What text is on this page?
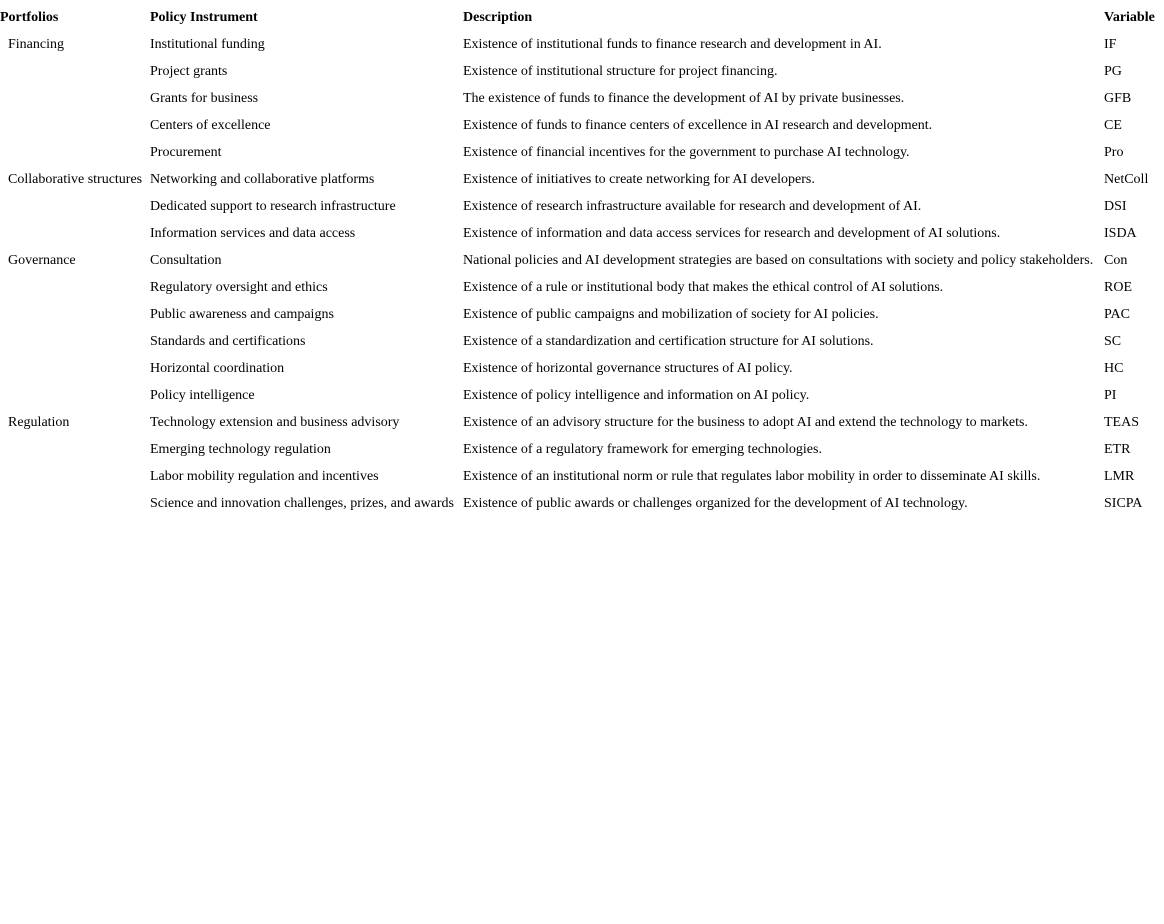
Portfolios	Policy Instrument	Description	Variable
Financing	Institutional funding	Existence of institutional funds to finance research and development in AI.	IF
	Project grants	Existence of institutional structure for project financing.	PG
	Grants for business	The existence of funds to finance the development of AI by private businesses.	GFB
	Centers of excellence	Existence of funds to finance centers of excellence in AI research and development.	CE
	Procurement	Existence of financial incentives for the government to purchase AI technology.	Pro
Collaborative structures	Networking and collaborative platforms	Existence of initiatives to create networking for AI developers.	NetColl
	Dedicated support to research infrastructure	Existence of research infrastructure available for research and development of AI.	DSI
	Information services and data access	Existence of information and data access services for research and development of AI solutions.	ISDA
Governance	Consultation	National policies and AI development strategies are based on consultations with society and policy stakeholders.	Con
	Regulatory oversight and ethics	Existence of a rule or institutional body that makes the ethical control of AI solutions.	ROE
	Public awareness and campaigns	Existence of public campaigns and mobilization of society for AI policies.	PAC
	Standards and certifications	Existence of a standardization and certification structure for AI solutions.	SC
	Horizontal coordination	Existence of horizontal governance structures of AI policy.	HC
	Policy intelligence	Existence of policy intelligence and information on AI policy.	PI
Regulation	Technology extension and business advisory	Existence of an advisory structure for the business to adopt AI and extend the technology to markets.	TEAS
	Emerging technology regulation	Existence of a regulatory framework for emerging technologies.	ETR
	Labor mobility regulation and incentives	Existence of an institutional norm or rule that regulates labor mobility in order to disseminate AI skills.	LMR
	Science and innovation challenges, prizes, and awards	Existence of public awards or challenges organized for the development of AI technology.	SICPA
